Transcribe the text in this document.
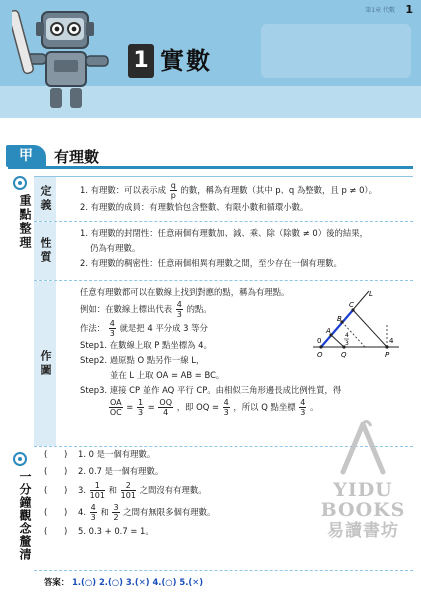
第1章 代數 1
1 實數
甲	有理數
重點整理 定義	1. 有理數：可以表示成 $\frac{q}{p}$ 的數，稱為有理數（其中 p、q 為整數，且 p ≠ 0）。

2. 有理數的成員：有理數恰包含整數、有限小數和循環小數。

性質

1. 有理數的封閉性：任意兩個有理數加、減、乘、除（除數 ≠ 0）後的結果，

仍為有理數。

2. 有理數的稠密性：任意兩個相異有理數之間，至少存在一個有理數。

作圖

任意有理數都可以在數線上找到對應的點，稱為有理點。

例如：在數線上標出代表 $\frac{4}{3}$ 的點。

作法： $\frac{4}{3}$ 就是把 4 平分成 3 等分

Step1. 在數線上取 P 點坐標為 4。

Step2. 過原點 O 點另作一線 L，

並在 L 上取 OA = AB = BC。

Step3. 連接 CP 並作 AQ 平行 CP。由相似三角形邊長成比例性質，得

$\frac{OA}{OC} = \frac{1}{3} = \frac{OQ}{4}$ ，即 OQ = $\frac{4}{3}$ ，所以 Q 點坐標 $\frac{4}{3}$ 。

C
L
B
A
O	Q	P
0	4
4
3
一分鐘觀念釐清
(　　) 1. 0 是一個有理數。
(　　) 2. 0.7 是一個有理數。
(　　) 3. $\frac{1}{101}$ 和 $\frac{2}{101}$ 之間沒有有理數。
(　　) 4. $\frac{4}{3}$ 和 $\frac{3}{2}$ 之間有無限多個有理數。
(　　) 5. 0.3 + 0.7 = 1。
答案： 1.(○) 2.(○) 3.(✕) 4.(○) 5.(✕)
YIDU
BOOKS
易讀書坊
